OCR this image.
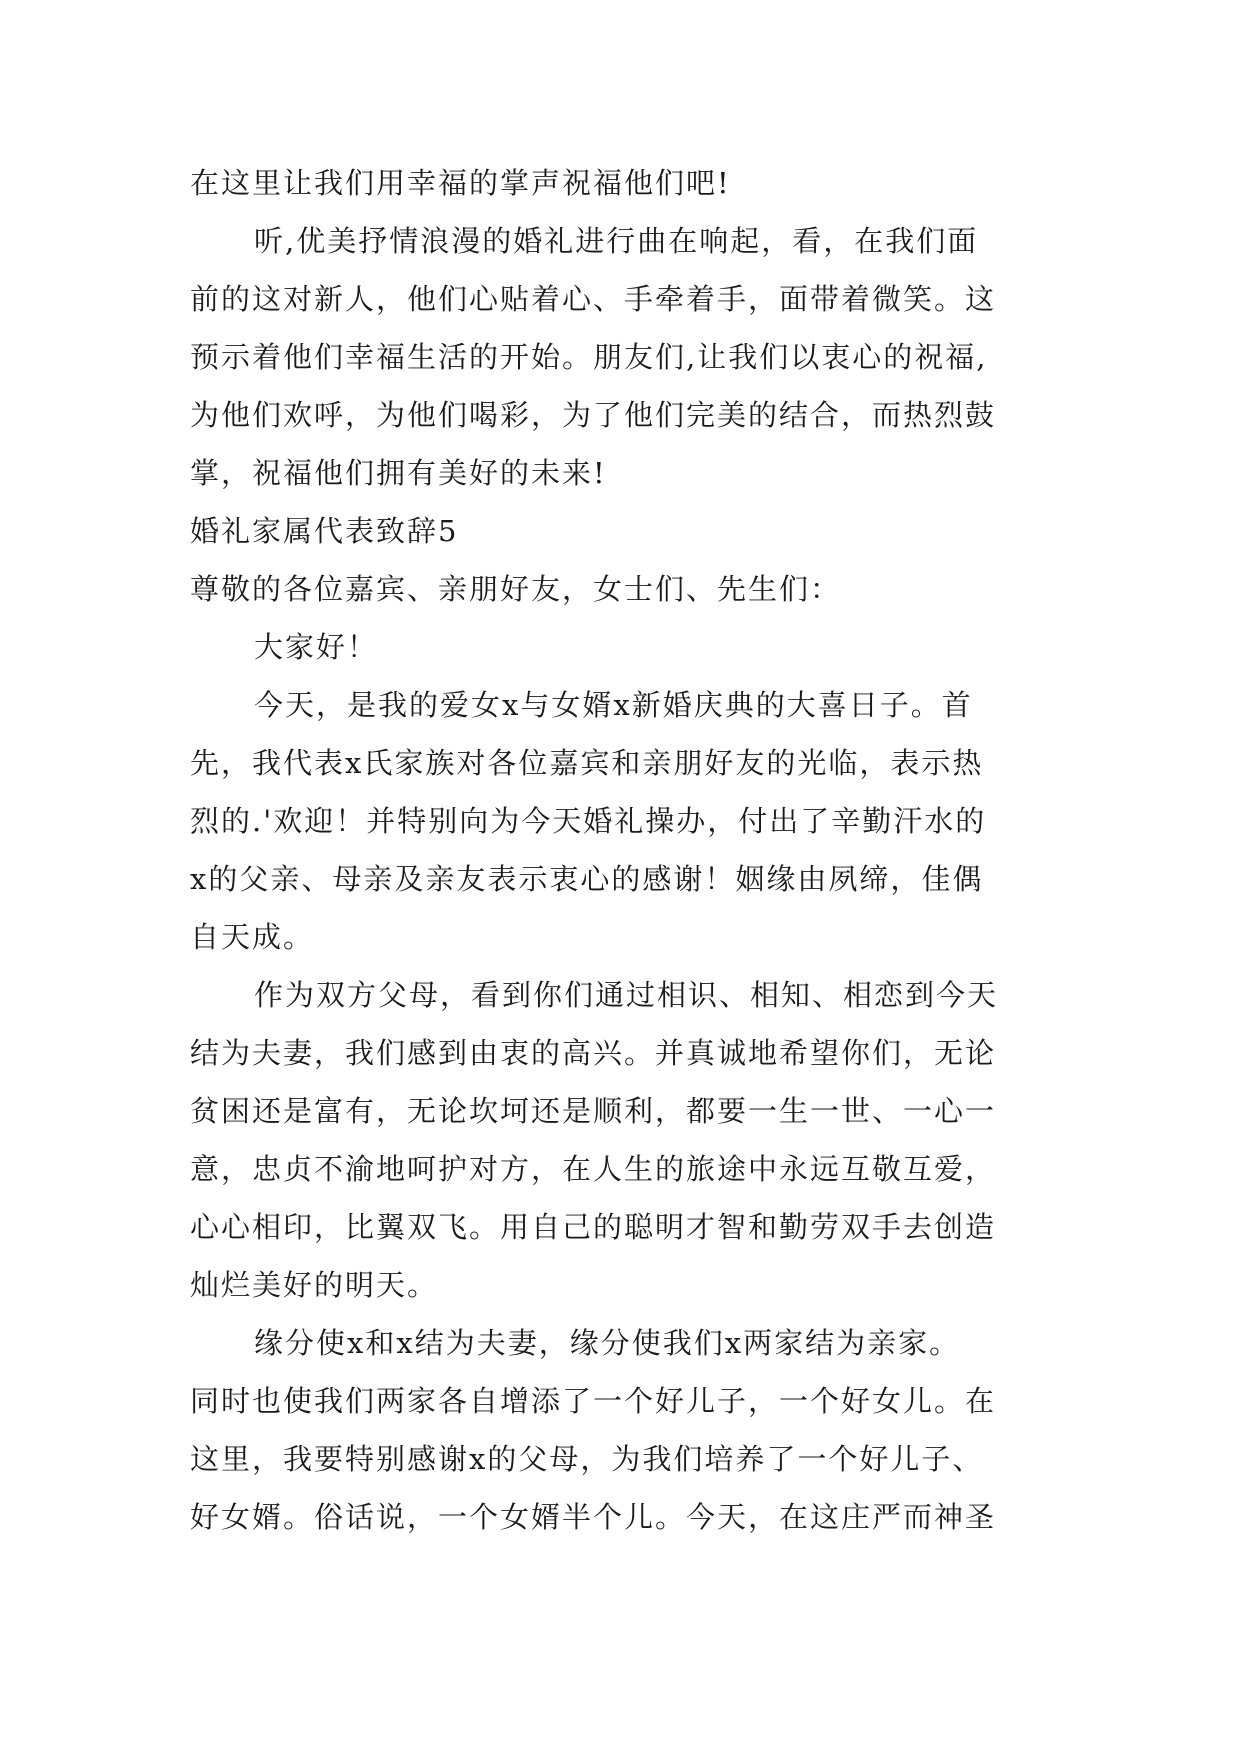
在这里让我们用幸福的掌声祝福他们吧!
听,优美抒情浪漫的婚礼进行曲在响起，看，在我们面
前的这对新人，他们心贴着心、手牵着手，面带着微笑。这
预示着他们幸福生活的开始。朋友们,让我们以衷心的祝福,
为他们欢呼，为他们喝彩，为了他们完美的结合，而热烈鼓
掌，祝福他们拥有美好的未来!
婚礼家属代表致辞5
尊敬的各位嘉宾、亲朋好友，女士们、先生们：
大家好！
今天，是我的爱女x与女婿x新婚庆典的大喜日子。首
先，我代表x氏家族对各位嘉宾和亲朋好友的光临，表示热
烈的.'欢迎！并特别向为今天婚礼操办，付出了辛勤汗水的
x的父亲、母亲及亲友表示衷心的感谢！姻缘由夙缔，佳偶
自天成。
作为双方父母，看到你们通过相识、相知、相恋到今天
结为夫妻，我们感到由衷的高兴。并真诚地希望你们，无论
贫困还是富有，无论坎坷还是顺利，都要一生一世、一心一
意，忠贞不渝地呵护对方，在人生的旅途中永远互敬互爱，
心心相印，比翼双飞。用自己的聪明才智和勤劳双手去创造
灿烂美好的明天。
缘分使x和x结为夫妻，缘分使我们x两家结为亲家。
同时也使我们两家各自增添了一个好儿子，一个好女儿。在
这里，我要特别感谢x的父母，为我们培养了一个好儿子、
好女婿。俗话说，一个女婿半个儿。今天，在这庄严而神圣
